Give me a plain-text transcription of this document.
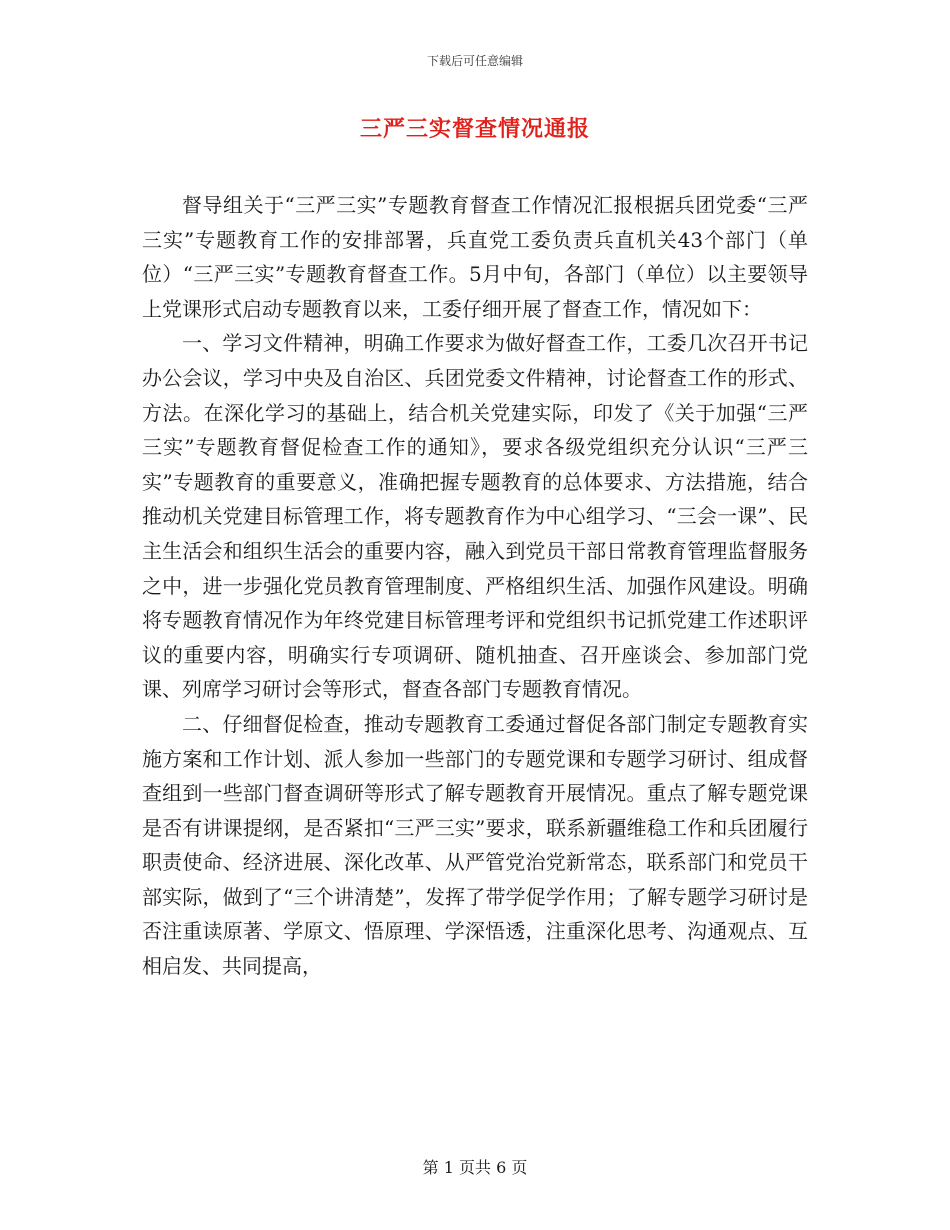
下载后可任意编辑
三严三实督查情况通报

督导组关于“三严三实”专题教育督查工作情况汇报根据兵团党委“三严三实”专题教育工作的安排部署，兵直党工委负责兵直机关43个部门（单位）“三严三实”专题教育督查工作。5月中旬，各部门（单位）以主要领导上党课形式启动专题教育以来，工委仔细开展了督查工作，情况如下：

一、学习文件精神，明确工作要求为做好督查工作，工委几次召开书记办公会议，学习中央及自治区、兵团党委文件精神，讨论督查工作的形式、方法。在深化学习的基础上，结合机关党建实际，印发了《关于加强“三严三实”专题教育督促检查工作的通知》，要求各级党组织充分认识“三严三实”专题教育的重要意义，准确把握专题教育的总体要求、方法措施，结合推动机关党建目标管理工作，将专题教育作为中心组学习、“三会一课”、民主生活会和组织生活会的重要内容，融入到党员干部日常教育管理监督服务之中，进一步强化党员教育管理制度、严格组织生活、加强作风建设。明确将专题教育情况作为年终党建目标管理考评和党组织书记抓党建工作述职评议的重要内容，明确实行专项调研、随机抽查、召开座谈会、参加部门党课、列席学习研讨会等形式，督查各部门专题教育情况。

二、仔细督促检查，推动专题教育工委通过督促各部门制定专题教育实施方案和工作计划、派人参加一些部门的专题党课和专题学习研讨、组成督查组到一些部门督查调研等形式了解专题教育开展情况。重点了解专题党课是否有讲课提纲，是否紧扣“三严三实”要求，联系新疆维稳工作和兵团履行职责使命、经济进展、深化改革、从严管党治党新常态，联系部门和党员干部实际，做到了“三个讲清楚”，发挥了带学促学作用；了解专题学习研讨是否注重读原著、学原文、悟原理、学深悟透，注重深化思考、沟通观点、互相启发、共同提高，

第 1 页共 6 页
